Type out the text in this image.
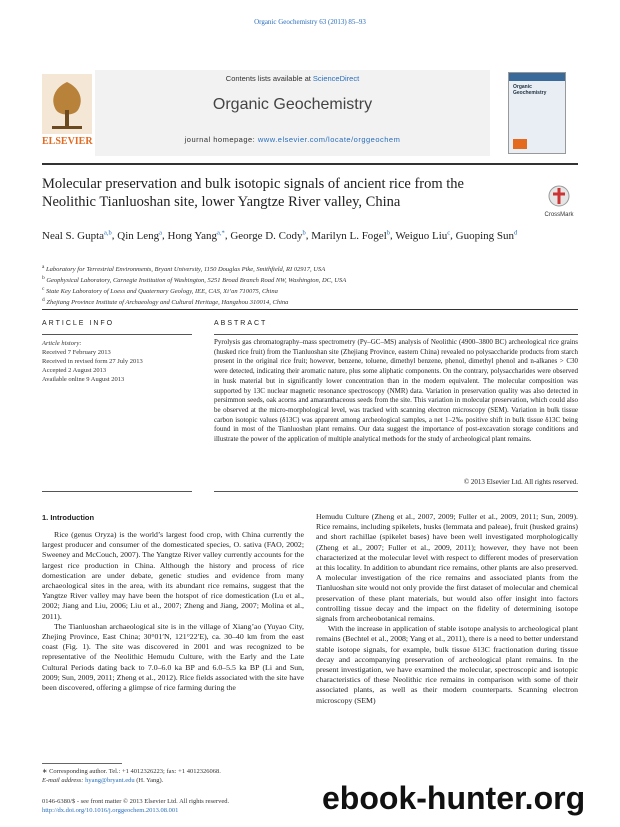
Organic Geochemistry 63 (2013) 85–93
Contents lists available at ScienceDirect
Organic Geochemistry
journal homepage: www.elsevier.com/locate/orggeochem
ELSEVIER
Organic Geochemistry
Molecular preservation and bulk isotopic signals of ancient rice from the Neolithic Tianluoshan site, lower Yangtze River valley, China
CrossMark
Neal S. Gupta$^{a,b}$, Qin Leng$^a$, Hong Yang$^{a,*}$, George D. Cody$^b$, Marilyn L. Fogel$^b$, Weiguo Liu$^c$, Guoping Sun$^d$
$^a$ Laboratory for Terrestrial Environments, Bryant University, 1150 Douglas Pike, Smithfield, RI 02917, USA
$^b$ Geophysical Laboratory, Carnegie Institution of Washington, 5251 Broad Branch Road NW, Washington, DC, USA
$^c$ State Key Laboratory of Loess and Quaternary Geology, IEE, CAS, Xi’an 710075, China
$^d$ Zhejiang Province Institute of Archaeology and Cultural Heritage, Hangzhou 310014, China
ARTICLE INFO	ABSTRACT
Article history:
Received 7 February 2013
Received in revised form 27 July 2013
Accepted 2 August 2013
Available online 9 August 2013
Pyrolysis gas chromatography–mass spectrometry (Py–GC–MS) analysis of Neolithic (4900–3800 BC) archeological rice grains (husked rice fruit) from the Tianluoshan site (Zhejiang Province, eastern China) revealed no polysaccharide products from starch present in the original rice fruit; however, benzene, toluene, dimethyl benzene, phenol, dimethyl phenol and n-alkanes > C30 were detected, indicating their aromatic nature, plus some aliphatic components. On the contrary, polysaccharides were observed in husk material but in significantly lower concentration than in the modern equivalent. The molecular composition was supported by 13C nuclear magnetic resonance spectroscopy (NMR) data. Variation in preservation quality was also detected in persimmon seeds, oak acorns and amaranthaceous seeds from the site. This variation in molecular preservation, which could also be observed at the micro-morphological level, was tracked with scanning electron microscopy (SEM). Variation in bulk tissue carbon isotopic values (δ13C) was apparent among archeological samples, a net 1–2‰ positive shift in bulk tissue δ13C being found in most of the Tianluoshan plant remains. Our data suggest the importance of post-excavation storage conditions and illustrate the power of the application of multiple analytical methods for the study of archeological plant remains.
© 2013 Elsevier Ltd. All rights reserved.
1. Introduction

Rice (genus Oryza) is the world’s largest food crop, with China currently the largest producer and consumer of the domesticated species, O. sativa (FAO, 2002; Sweeney and McCouch, 2007). The Yangtze River valley currently accounts for the largest rice production in China. Although the history and process of rice domestication are under debate, genetic studies and evidence from many archaeological sites in the area, with its abundant rice remains, suggest that the Yangtze River valley may have been the hotspot of rice domestication (Lu et al., 2002; Jiang and Liu, 2006; Liu et al., 2007; Zheng and Jiang, 2007; Molina et al., 2011).

The Tianluoshan archaeological site is in the village of Xiang’ao (Yuyao City, Zhejing Province, East China; 30°01′N, 121°22′E), ca. 30–40 km from the east coast (Fig. 1). The site was discovered in 2001 and was recognized to be representative of the Neolithic Hemudu Culture, with the Early and the Late Cultural Periods dating back to 7.0–6.0 ka BP and 6.0–5.5 ka BP (Li and Sun, 2009; Sun, 2009, 2011; Zheng et al., 2012). Rice fields associated with the site have been discovered, offering a glimpse of rice farming during the

Hemudu Culture (Zheng et al., 2007, 2009; Fuller et al., 2009, 2011; Sun, 2009). Rice remains, including spikelets, husks (lemmata and paleae), fruit (husked grains) and short rachillae (spikelet bases) have been well investigated morphologically (Zheng et al., 2007; Fuller et al., 2009, 2011); however, they have not been characterized at the molecular level with respect to different modes of preservation at this locality. In addition to abundant rice remains, other plants are also preserved. A molecular investigation of the rice remains and associated plants from the Tianluoshan site would not only provide the first dataset of molecular and chemical preservation of these plant materials, but would also offer insight into factors controlling tissue decay and the impact on the fidelity of determining isotope signals from archeobotanical remains.

With the increase in application of stable isotope analysis to archeological plant remains (Bechtel et al., 2008; Yang et al., 2011), there is a need to better understand stable isotope signals, for example, bulk tissue δ13C fractionation during tissue decay and accompanying preservation of archeological plant remains. In the present investigation, we have examined the molecular, spectroscopic and isotopic characteristics of these Neolithic rice remains in comparison with some of their associated plants, as well as their modern counterparts. Scanning electron microscopy (SEM)

∗ Corresponding author. Tel.: +1 4012326223; fax: +1 4012326068.
E-mail address: hyang@bryant.edu (H. Yang).
0146-6380/$ - see front matter © 2013 Elsevier Ltd. All rights reserved.
http://dx.doi.org/10.1016/j.orggeochem.2013.08.001	ebook-hunter.org
